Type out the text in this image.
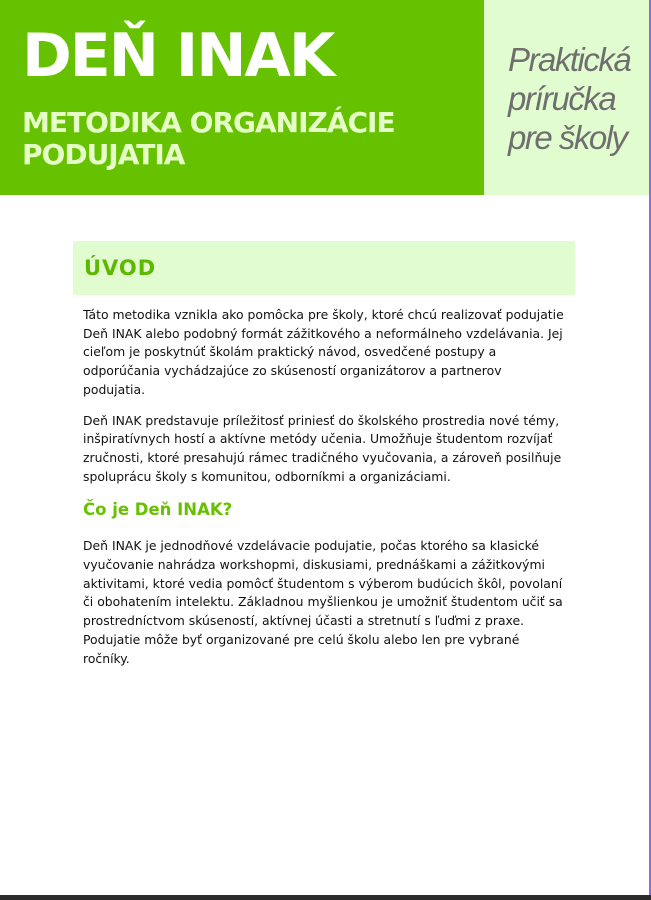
DEŇ INAK
METODIKA ORGANIZÁCIE PODUJATIA

Praktická príručka pre školy

ÚVOD

Táto metodika vznikla ako pomôcka pre školy, ktoré chcú realizovať podujatie Deň INAK alebo podobný formát zážitkového a neformálneho vzdelávania. Jej cieľom je poskytnúť školám praktický návod, osvedčené postupy a odporúčania vychádzajúce zo skúseností organizátorov a partnerov podujatia.

Deň INAK predstavuje príležitosť priniesť do školského prostredia nové témy, inšpiratívnych hostí a aktívne metódy učenia. Umožňuje študentom rozvíjať zručnosti, ktoré presahujú rámec tradičného vyučovania, a zároveň posilňuje spoluprácu školy s komunitou, odborníkmi a organizáciami.

Čo je Deň INAK?

Deň INAK je jednodňové vzdelávacie podujatie, počas ktorého sa klasické vyučovanie nahrádza workshopmi, diskusiami, prednáškami a zážitkovými aktivitami, ktoré vedia pomôcť študentom s výberom budúcich škôl, povolaní či obohatením intelektu. Základnou myšlienkou je umožniť študentom učiť sa prostredníctvom skúseností, aktívnej účasti a stretnutí s ľuďmi z praxe. Podujatie môže byť organizované pre celú školu alebo len pre vybrané ročníky.
